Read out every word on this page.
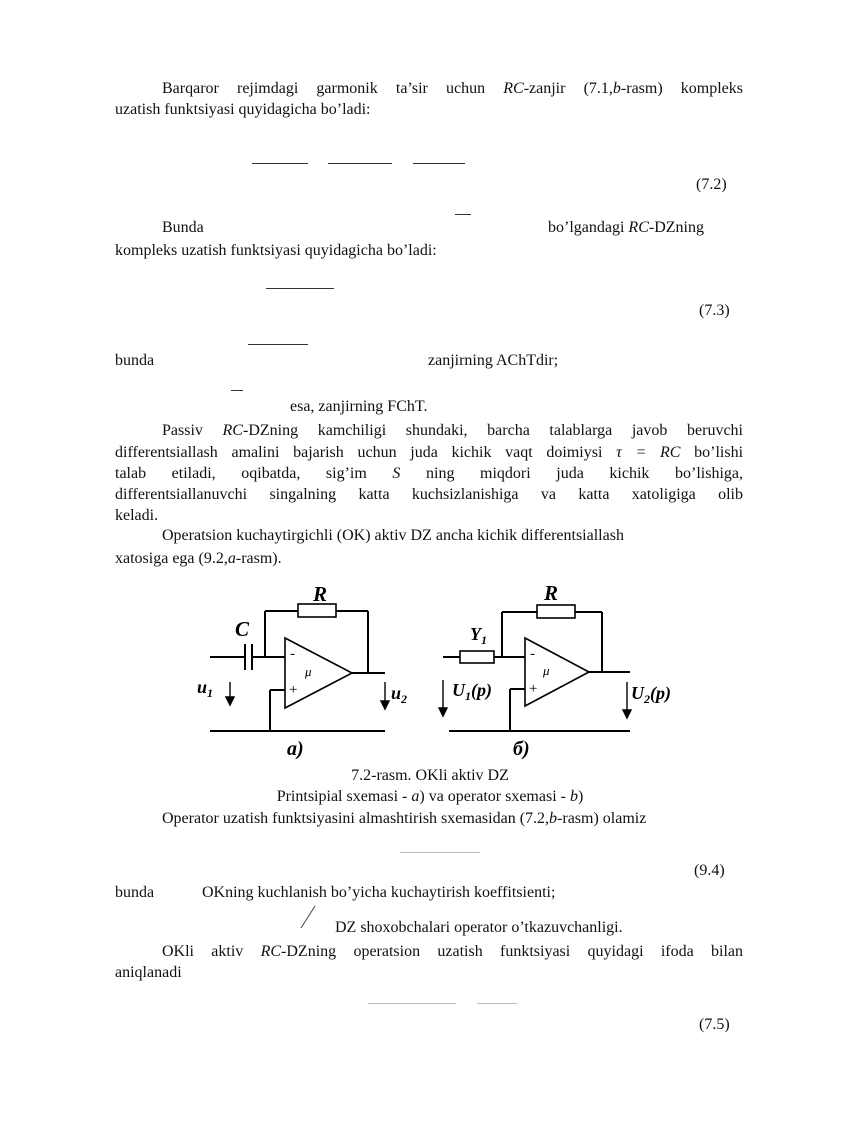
Barqaror rejimdagi garmonik ta’sir uchun RC-zanjir (7.1,b-rasm) kompleks
uzatish funktsiyasi quyidagicha bo’ladi:
(7.2)
Bunda	bo’lgandagi RC-DZning
kompleks uzatish funktsiyasi quyidagicha bo’ladi:
(7.3)
bunda	zanjirning AChTdir;
esa, zanjirning FChT.
Passiv RC-DZning kamchiligi shundaki, barcha talablarga javob beruvchi
differentsiallash amalini bajarish uchun juda kichik vaqt doimiysi τ = RC bo’lishi
talab etiladi, oqibatda, sig’im S ning miqdori juda kichik bo’lishiga,
differentsiallanuvchi singalning katta kuchsizlanishiga va katta xatoligiga olib
keladi.
Operatsion kuchaytirgichli (OK) aktiv DZ ancha kichik differentsiallash
xatosiga ega (9.2,a-rasm).
R
C
$u_1$	$u_2$
a)
-
+
μ
R
$Y_1$
$U_1(p)$	$U_2(p)$
б)
-
+
μ
7.2-rasm. OKli aktiv DZ
Printsipial sxemasi - a) va operator sxemasi - b)
Operator uzatish funktsiyasini almashtirish sxemasidan (7.2,b-rasm) olamiz
(9.4)
bunda	OKning kuchlanish bo’yicha kuchaytirish koeffitsienti;
DZ shoxobchalari operator o’tkazuvchanligi.
OKli aktiv RC-DZning operatsion uzatish funktsiyasi quyidagi ifoda bilan
aniqlanadi
(7.5)
